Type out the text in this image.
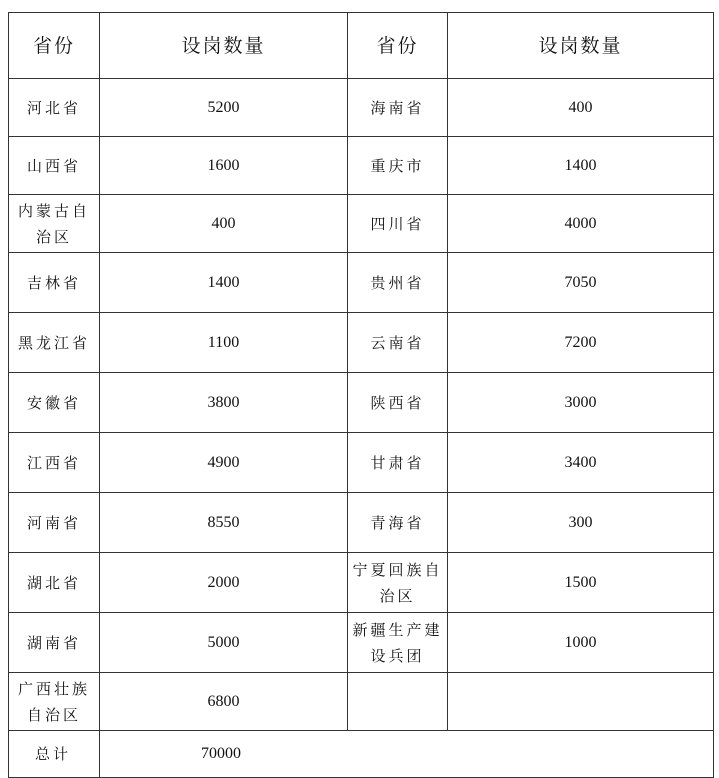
省份	设岗数量	省份	设岗数量
河北省	5200	海南省	400
山西省	1600	重庆市	1400
内蒙古自治区	400	四川省	4000
吉林省	1400	贵州省	7050
黑龙江省	1100	云南省	7200
安徽省	3800	陕西省	3000
江西省	4900	甘肃省	3400
河南省	8550	青海省	300
湖北省	2000	宁夏回族自治区	1500
湖南省	5000	新疆生产建设兵团	1000
广西壮族自治区	6800		
总计	70000		
